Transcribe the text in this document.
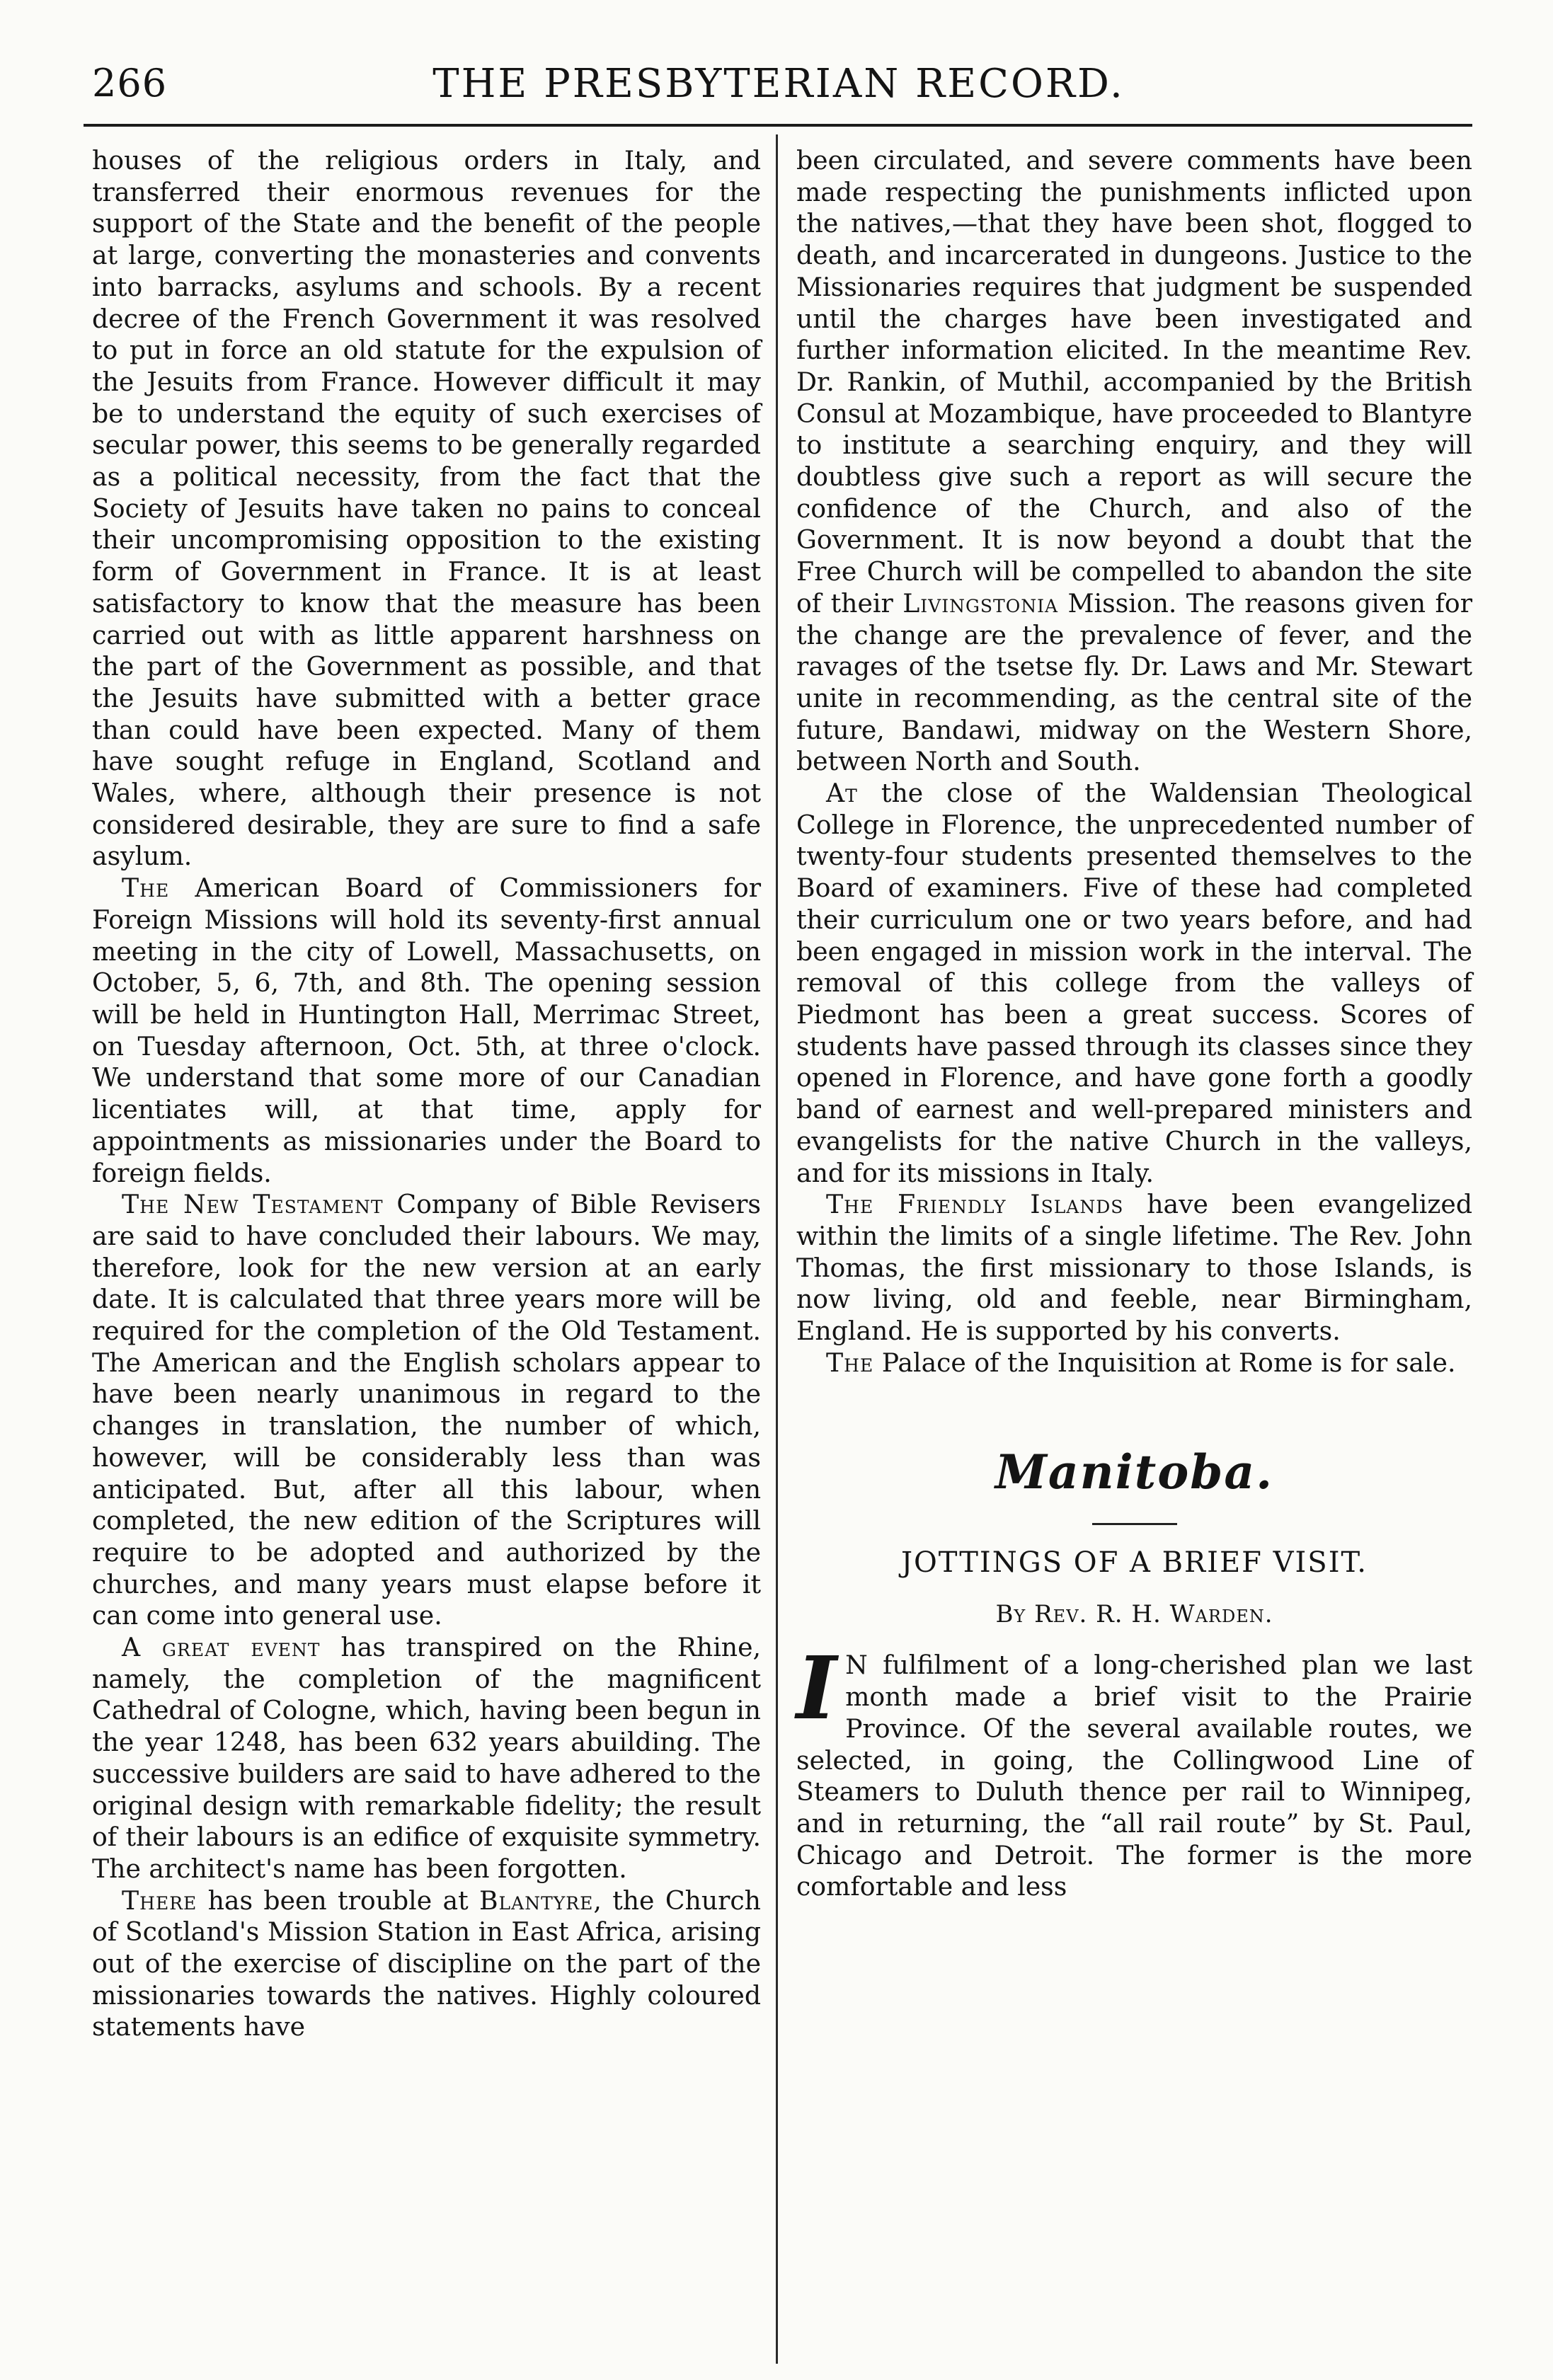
266	THE PRESBYTERIAN RECORD.

houses of the religious orders in Italy, and transferred their enormous revenues for the support of the State and the benefit of the people at large, converting the monasteries and convents into barracks, asylums and schools. By a recent decree of the French Government it was resolved to put in force an old statute for the expulsion of the Jesuits from France. However difficult it may be to understand the equity of such exercises of secular power, this seems to be generally regarded as a political necessity, from the fact that the Society of Jesuits have taken no pains to conceal their uncompromising opposition to the existing form of Government in France. It is at least satisfactory to know that the measure has been carried out with as little apparent harshness on the part of the Government as possible, and that the Jesuits have submitted with a better grace than could have been expected. Many of them have sought refuge in England, Scotland and Wales, where, although their presence is not considered desirable, they are sure to find a safe asylum.

The American Board of Commissioners for Foreign Missions will hold its seventy-first annual meeting in the city of Lowell, Massachusetts, on October, 5, 6, 7th, and 8th. The opening session will be held in Huntington Hall, Merrimac Street, on Tuesday afternoon, Oct. 5th, at three o'clock. We understand that some more of our Canadian licentiates will, at that time, apply for appointments as missionaries under the Board to foreign fields.

The New Testament Company of Bible Revisers are said to have concluded their labours. We may, therefore, look for the new version at an early date. It is calculated that three years more will be required for the completion of the Old Testament. The American and the English scholars appear to have been nearly unanimous in regard to the changes in translation, the number of which, however, will be considerably less than was anticipated. But, after all this labour, when completed, the new edition of the Scriptures will require to be adopted and authorized by the churches, and many years must elapse before it can come into general use.

A great event has transpired on the Rhine, namely, the completion of the magnificent Cathedral of Cologne, which, having been begun in the year 1248, has been 632 years abuilding. The successive builders are said to have adhered to the original design with remarkable fidelity; the result of their labours is an edifice of exquisite symmetry. The architect's name has been forgotten.

There has been trouble at Blantyre, the Church of Scotland's Mission Station in East Africa, arising out of the exercise of discipline on the part of the missionaries towards the natives. Highly coloured statements have

been circulated, and severe comments have been made respecting the punishments inflicted upon the natives,—that they have been shot, flogged to death, and incarcerated in dungeons. Justice to the Missionaries requires that judgment be suspended until the charges have been investigated and further information elicited. In the meantime Rev. Dr. Rankin, of Muthil, accompanied by the British Consul at Mozambique, have proceeded to Blantyre to institute a searching enquiry, and they will doubtless give such a report as will secure the confidence of the Church, and also of the Government. It is now beyond a doubt that the Free Church will be compelled to abandon the site of their Livingstonia Mission. The reasons given for the change are the prevalence of fever, and the ravages of the tsetse fly. Dr. Laws and Mr. Stewart unite in recommending, as the central site of the future, Bandawi, midway on the Western Shore, between North and South.

At the close of the Waldensian Theological College in Florence, the unprecedented number of twenty-four students presented themselves to the Board of examiners. Five of these had completed their curriculum one or two years before, and had been engaged in mission work in the interval. The removal of this college from the valleys of Piedmont has been a great success. Scores of students have passed through its classes since they opened in Florence, and have gone forth a goodly band of earnest and well-prepared ministers and evangelists for the native Church in the valleys, and for its missions in Italy.

The Friendly Islands have been evangelized within the limits of a single lifetime. The Rev. John Thomas, the first missionary to those Islands, is now living, old and feeble, near Birmingham, England. He is supported by his converts.

The Palace of the Inquisition at Rome is for sale.

Manitoba.
JOTTINGS OF A BRIEF VISIT.
By Rev. R. H. Warden.

I N fulfilment of a long-cherished plan we last month made a brief visit to the Prairie Province. Of the several available routes, we selected, in going, the Collingwood Line of Steamers to Duluth thence per rail to Winnipeg, and in returning, the “all rail route” by St. Paul, Chicago and Detroit. The former is the more comfortable and less
